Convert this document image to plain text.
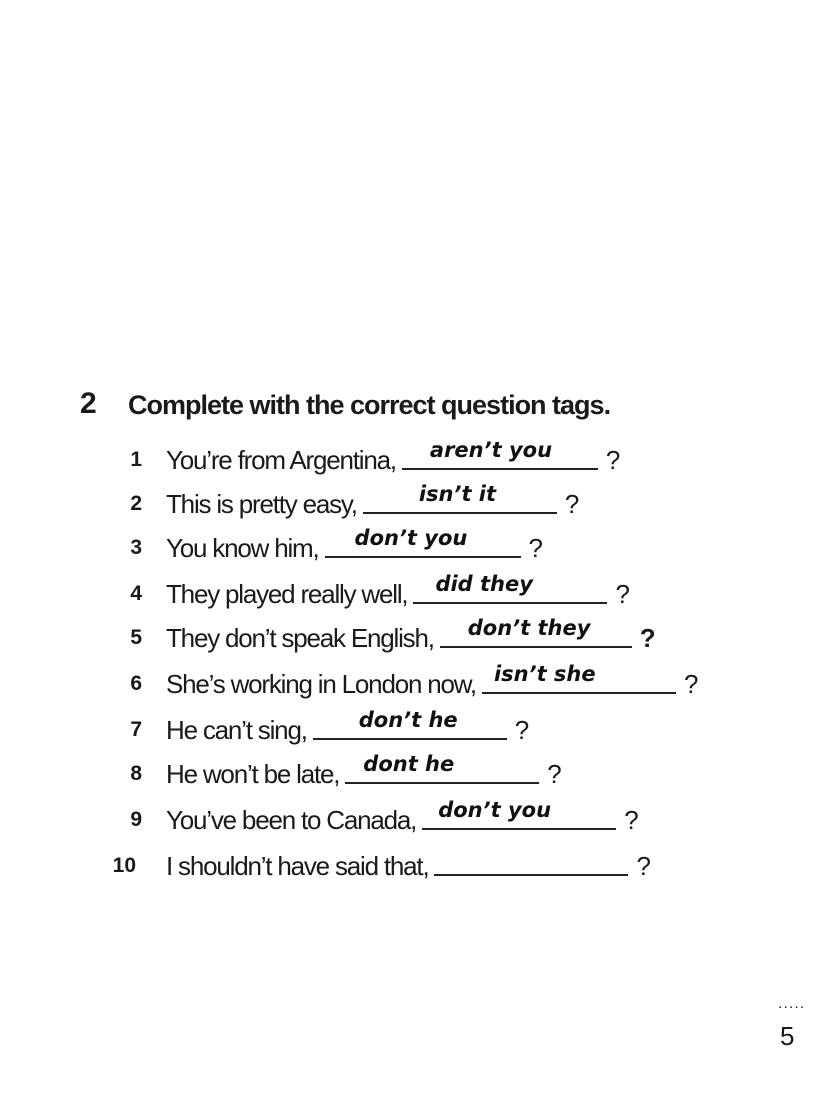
2 Complete with the correct question tags.
1 You’re from Argentina, aren’t you ?
2 This is pretty easy,	isn’t it	?
3 You know him, don’t you ?
4 They played really well, did they	?
5 They don’t speak English, don’t they ?
6 She’s working in London now, isn’t she	?
7 He can’t sing, don’t he ?
8 He won’t be late, dont he	?
9 You’ve been to Canada, don’t you	?
10 I shouldn’t have said that,	?
.....
5
